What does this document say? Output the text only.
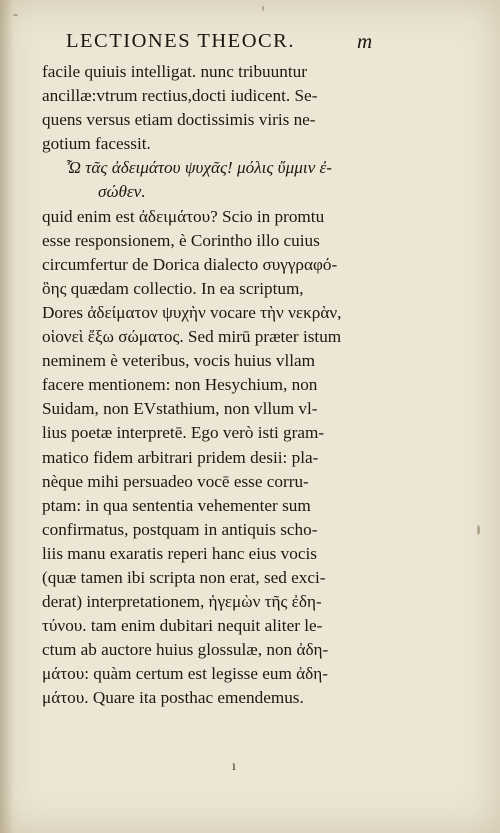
LECTIONES THEOCR.	m
facile quiuis intelligat. nunc tribuuntur
ancillæ:vtrum rectius,docti iudicent. Se-
quens versus etiam doctissimis viris ne-
gotium facessit.
Ὦ τᾶς ἀδειμάτου ψυχᾶς! μόλις ὔμμιν ἐ-
σώθεν.
quid enim est ἀδειμάτου? Scio in promtu
esse responsionem, è Corintho illo cuius
circumfertur de Dorica dialecto συγγραφό-
ὃης quædam collectio. In ea scriptum,
Dores ἀδείματον ψυχὴν vocare τὴν νεκρὰν,
οἱονεὶ ἔξω σώματος. Sed mirū præter istum
neminem è veteribus, vocis huius vllam
facere mentionem: non Hesychium, non
Suidam, non EVstathium, non vllum vl-
lius poetæ interpretē. Ego verò isti gram-
matico fidem arbitrari pridem desii: pla-
nèque mihi persuadeo vocē esse corru-
ptam: in qua sententia vehementer sum
confirmatus, postquam in antiquis scho-
liis manu exaratis reperi hanc eius vocis
(quæ tamen ibi scripta non erat, sed exci-
derat) interpretationem, ἡγεμὼν τῆς ἐδη-
τύνου. tam enim dubitari nequit aliter le-
ctum ab auctore huius glossulæ, non ἀδη-
μάτου: quàm certum est legisse eum ἀδη-
μάτου. Quare ita posthac emendemus.
ı
